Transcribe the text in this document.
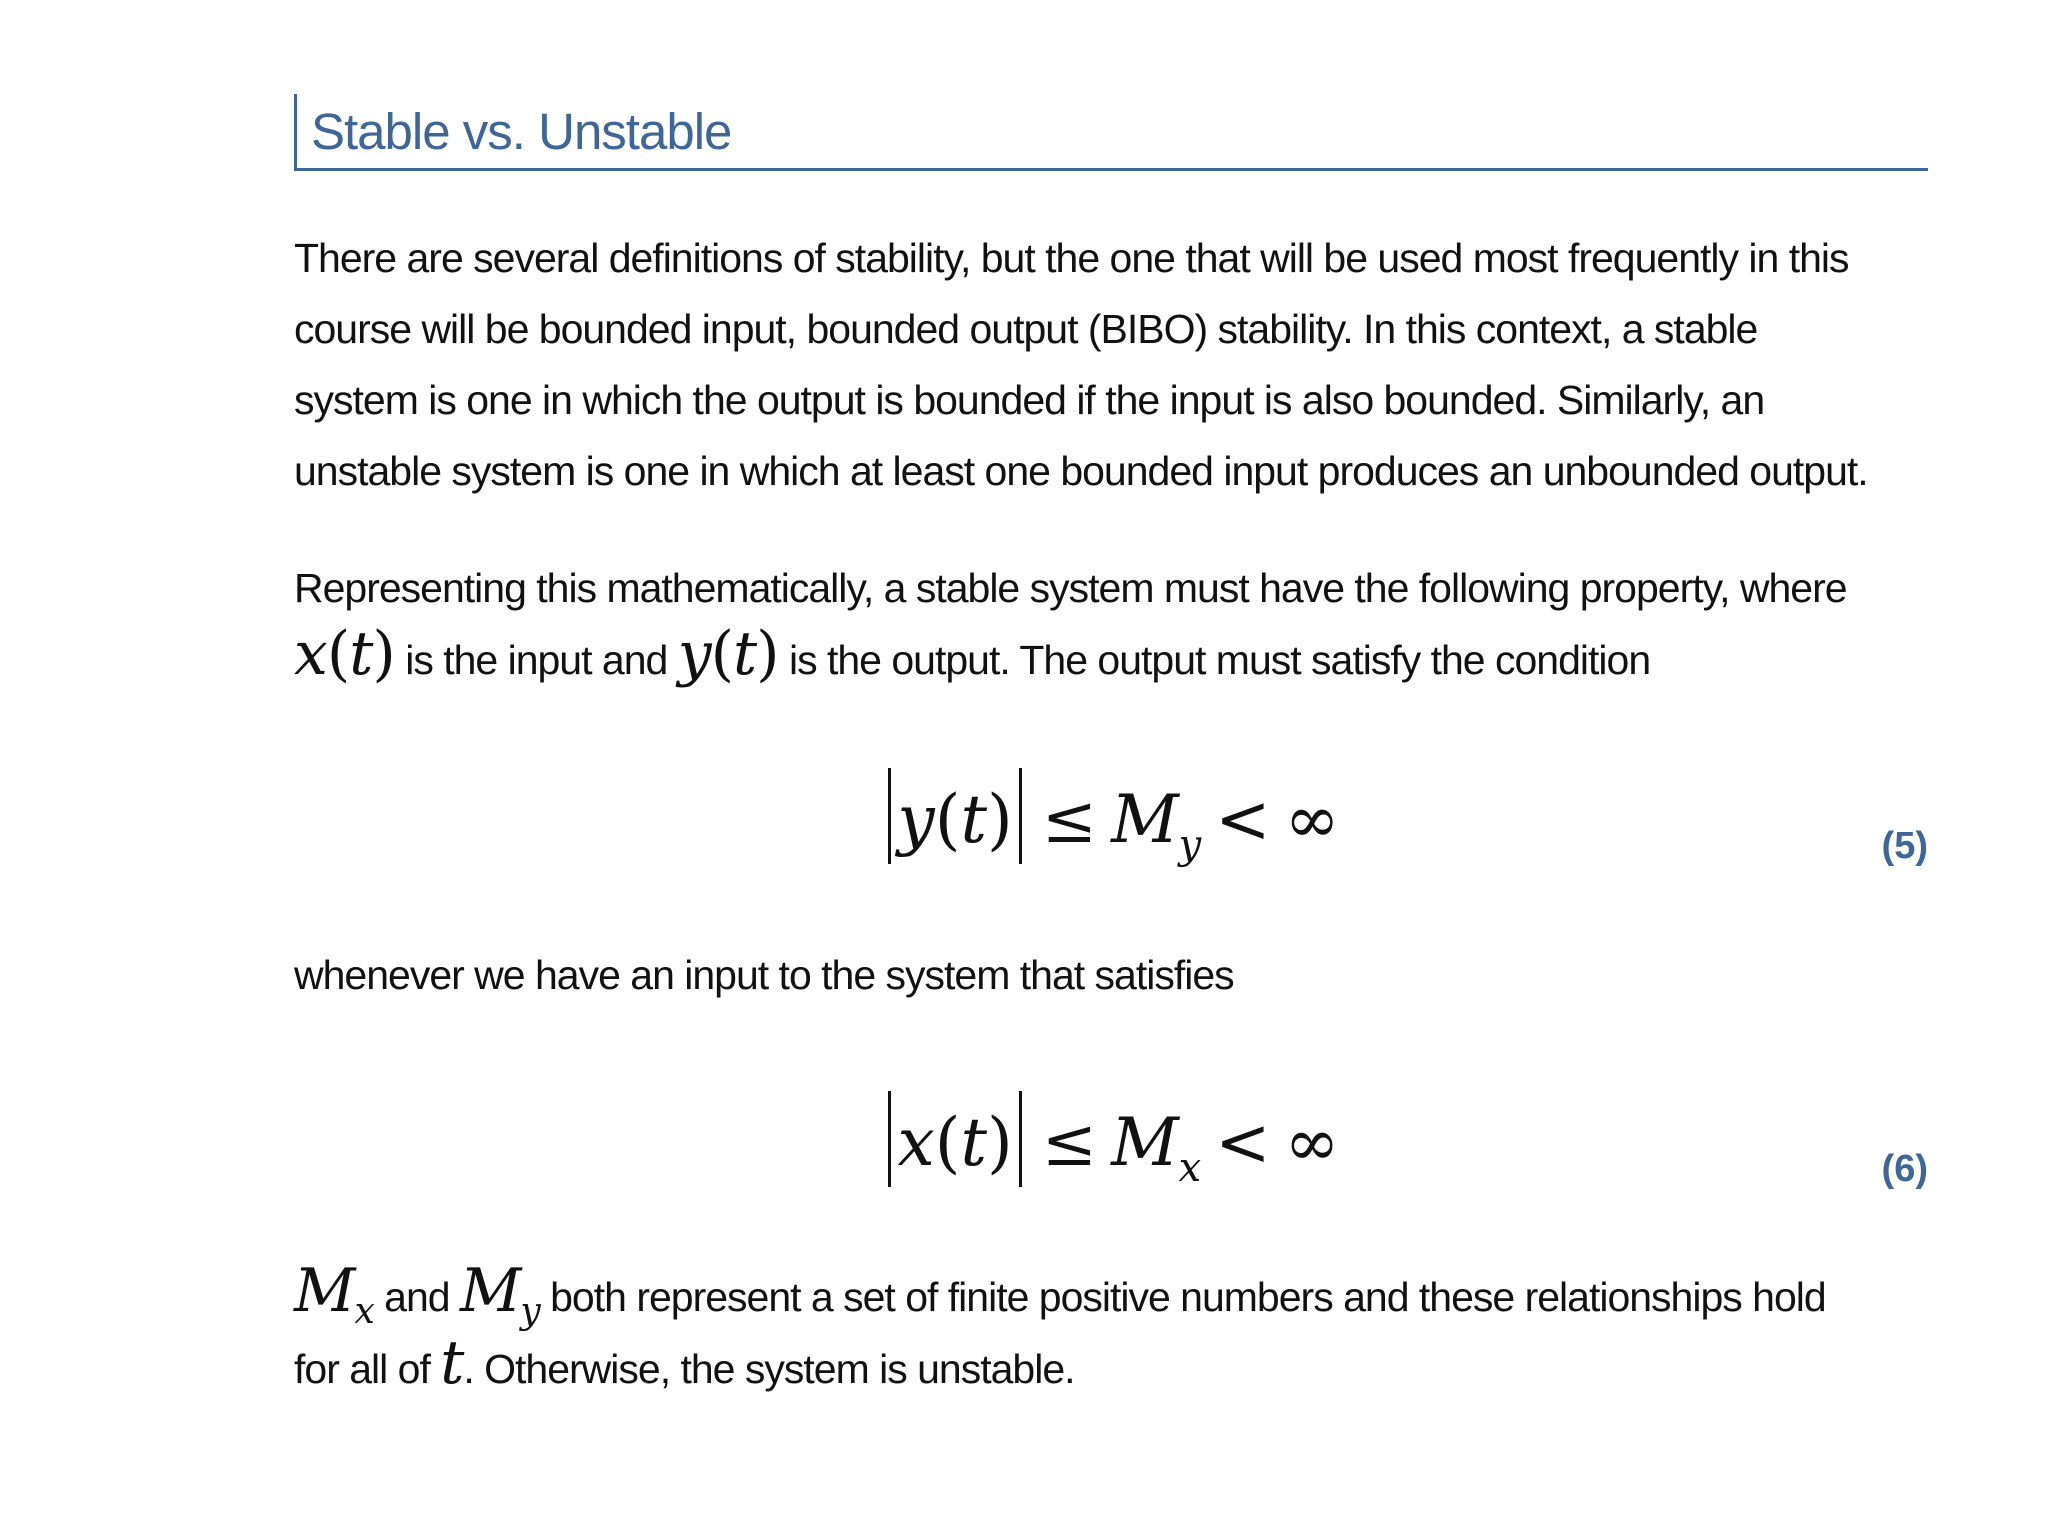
Stable vs. Unstable

There are several definitions of stability, but the one that will be used most frequently in this
course will be bounded input, bounded output (BIBO) stability. In this context, a stable
system is one in which the output is bounded if the input is also bounded. Similarly, an
unstable system is one in which at least one bounded input produces an unbounded output.

Representing this mathematically, a stable system must have the following property, where
x(t) is the input and y(t) is the output. The output must satisfy the condition

$y(t) \le M_y$ < ∞	(5)

whenever we have an input to the system that satisfies

$x(t) \le M_x$ < ∞	(6)

$M_x$ and $M_y$ both represent a set of finite positive numbers and these relationships hold
for all of t. Otherwise, the system is unstable.
